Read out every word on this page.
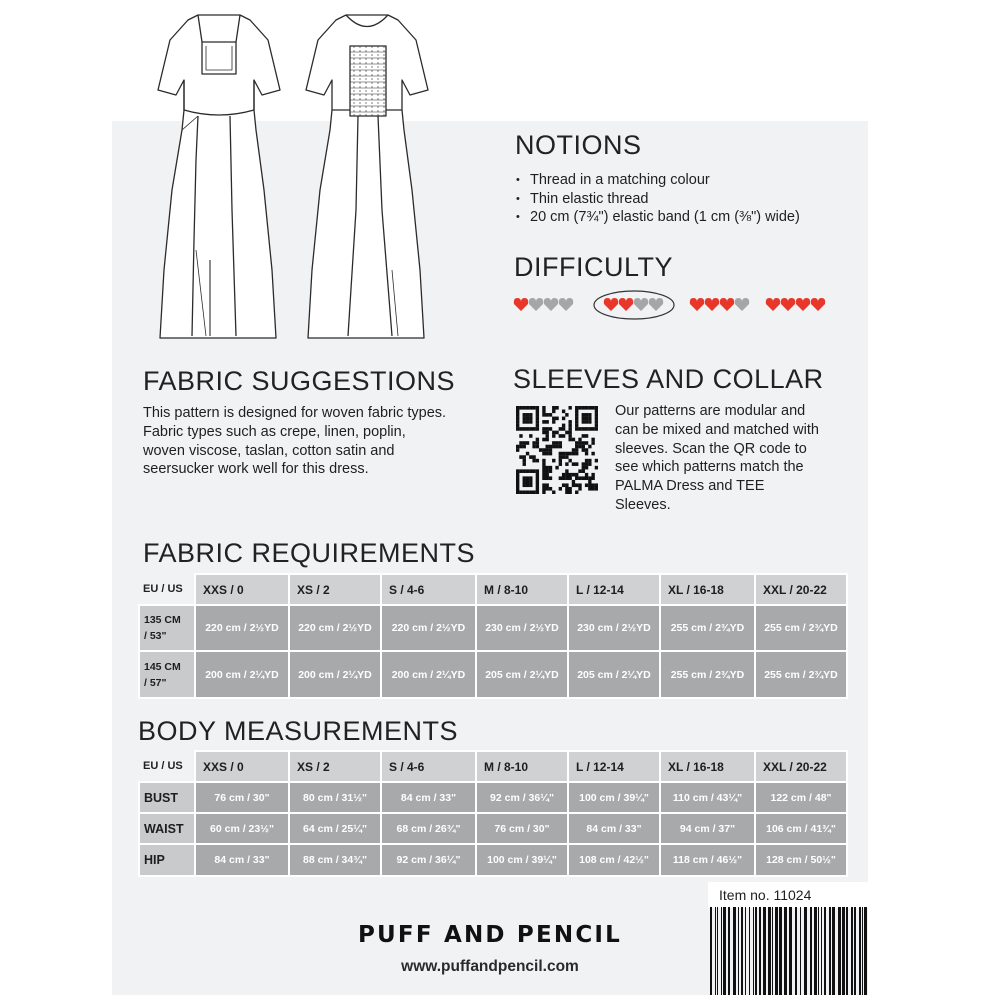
NOTIONS
• Thread in a matching colour
• Thin elastic thread
• 20 cm (7¾") elastic band (1 cm (⅜") wide)
DIFFICULTY
FABRIC SUGGESTIONS
This pattern is designed for woven fabric types.
Fabric types such as crepe, linen, poplin,
woven viscose, taslan, cotton satin and
seersucker work well for this dress.
SLEEVES AND COLLAR
Our patterns are modular and
can be mixed and matched with
sleeves. Scan the QR code to
see which patterns match the
PALMA Dress and TEE
Sleeves.
FABRIC REQUIREMENTS
EU / US	XXS / 0	XS / 2	S / 4-6	M / 8-10	L / 12-14	XL / 16-18	XXL / 20-22

135 CM
/ 53"	220 cm / 2½YD	220 cm / 2½YD	220 cm / 2½YD	230 cm / 2½YD	230 cm / 2½YD	255 cm / 2¾YD	255 cm / 2¾YD

145 CM
/ 57"	200 cm / 2¼YD	200 cm / 2¼YD	200 cm / 2¼YD	205 cm / 2¼YD	205 cm / 2¼YD	255 cm / 2¾YD	255 cm / 2¾YD
BODY MEASUREMENTS
EU / US	XXS / 0	XS / 2	S / 4-6	M / 8-10	L / 12-14	XL / 16-18	XXL / 20-22
BUST	76 cm / 30"	80 cm / 31½"	84 cm / 33"	92 cm / 36¼"	100 cm / 39¼"	110 cm / 43¼"	122 cm / 48"
WAIST	60 cm / 23½"	64 cm / 25¼"	68 cm / 26¾"	76 cm / 30"	84 cm / 33"	94 cm / 37"	106 cm / 41¾"
HIP	84 cm / 33"	88 cm / 34¾"	92 cm / 36¼"	100 cm / 39¼"	108 cm / 42½"	118 cm / 46½"	128 cm / 50½"
Item no. 11024
PUFF AND PENCIL
www.puffandpencil.com
